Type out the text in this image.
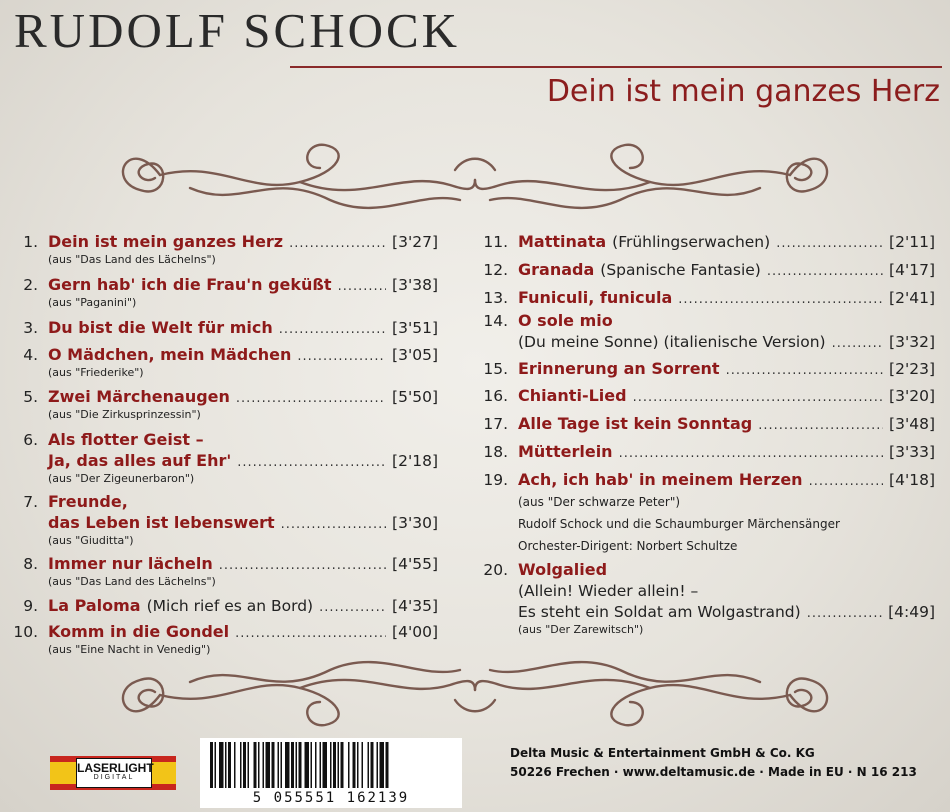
RUDOLF SCHOCK
Dein ist mein ganzes Herz
1. Dein ist mein ganzes Herz .....	[3'27]
(aus "Das Land des Lächelns")
2. Gern hab' ich die Frau'n geküßt .....	[3'38]
(aus "Paganini")
3. Du bist die Welt für mich .....	[3'51]
4. O Mädchen, mein Mädchen .....	[3'05]
(aus "Friederike")
5. Zwei Märchenaugen .....	[5'50]
(aus "Die Zirkusprinzessin")
6. Als flotter Geist –
Ja, das alles auf Ehr' .....	[2'18]
(aus "Der Zigeunerbaron")
7. Freunde,
das Leben ist lebenswert .....	[3'30]
(aus "Giuditta")
8. Immer nur lächeln .....	[4'55]
(aus "Das Land des Lächelns")
9. La Paloma (Mich rief es an Bord) .....	[4'35]
10. Komm in die Gondel .....	[4'00]
(aus "Eine Nacht in Venedig")
11. Mattinata (Frühlingserwachen) .....	[2'11]
12. Granada (Spanische Fantasie) .....	[4'17]
13. Funiculi, funicula .....	[2'41]
14. O sole mio
(Du meine Sonne) (italienische Version) .....	[3'32]
15. Erinnerung an Sorrent .....	[2'23]
16. Chianti-Lied .....	[3'20]
17. Alle Tage ist kein Sonntag .....	[3'48]
18. Mütterlein .....	[3'33]
19. Ach, ich hab' in meinem Herzen .....	[4'18]
(aus "Der schwarze Peter")
Rudolf Schock und die Schaumburger Märchensänger
Orchester-Dirigent: Norbert Schultze
20. Wolgalied
(Allein! Wieder allein! –
Es steht ein Soldat am Wolgastrand) .....	[4:49]
(aus "Der Zarewitsch")
LASERLIGHT
DIGITAL
5 055551 162139
Delta Music & Entertainment GmbH & Co. KG
50226 Frechen · www.deltamusic.de · Made in EU · N 16 213
